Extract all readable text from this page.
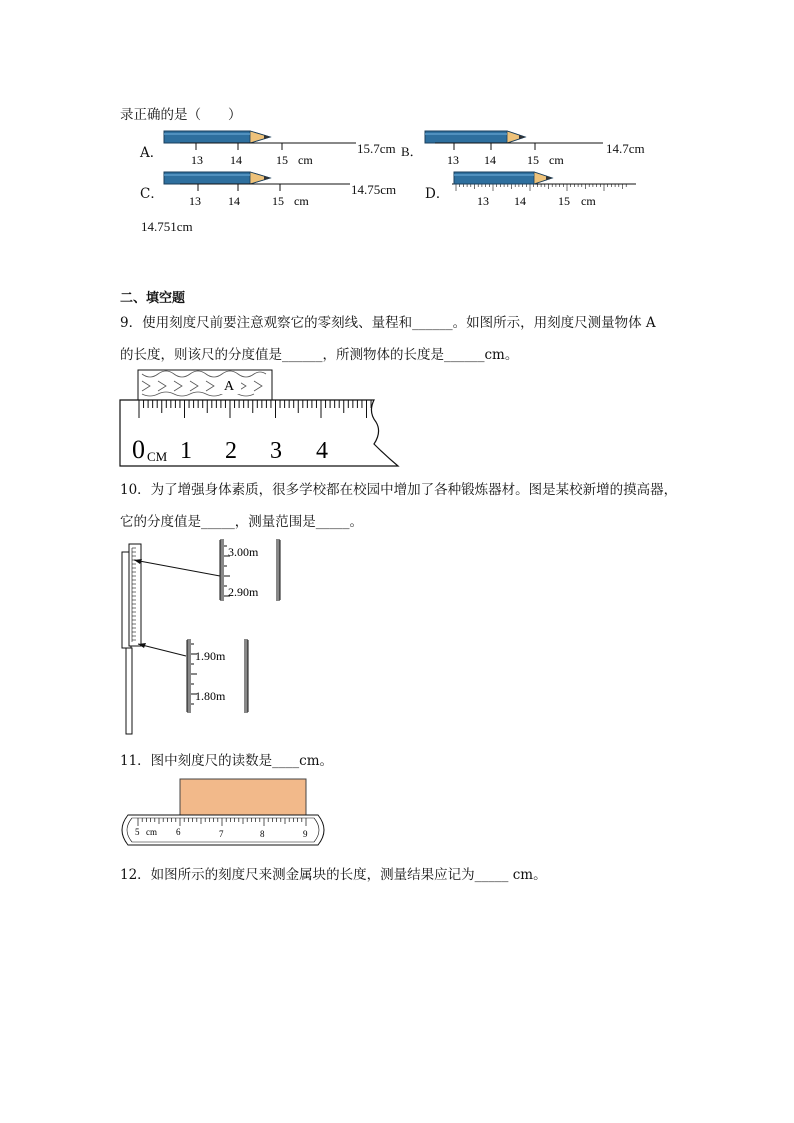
录正确的是（　　）
A．
C．	D．
13 14	15 cm
15.7cm B．
13 14	15 cm
14.7cm
13 14	15 cm
14.75cm
13 14	15 cm
14.751cm
二、填空题
9．使用刻度尺前要注意观察它的零刻线、量程和______。如图所示，用刻度尺测量物体 A
的长度，则该尺的分度值是______，所测物体的长度是______cm。
A
0 CM 1 2 3 4
10．为了增强身体素质，很多学校都在校园中增加了各种锻炼器材。图是某校新增的摸高器，
它的分度值是_____，测量范围是_____。
3.00m
2.90m
1.90m
1.80m
11．图中刻度尺的读数是____cm。
5 cm 6	7	8	9
12．如图所示的刻度尺来测金属块的长度，测量结果应记为_____ cm。
